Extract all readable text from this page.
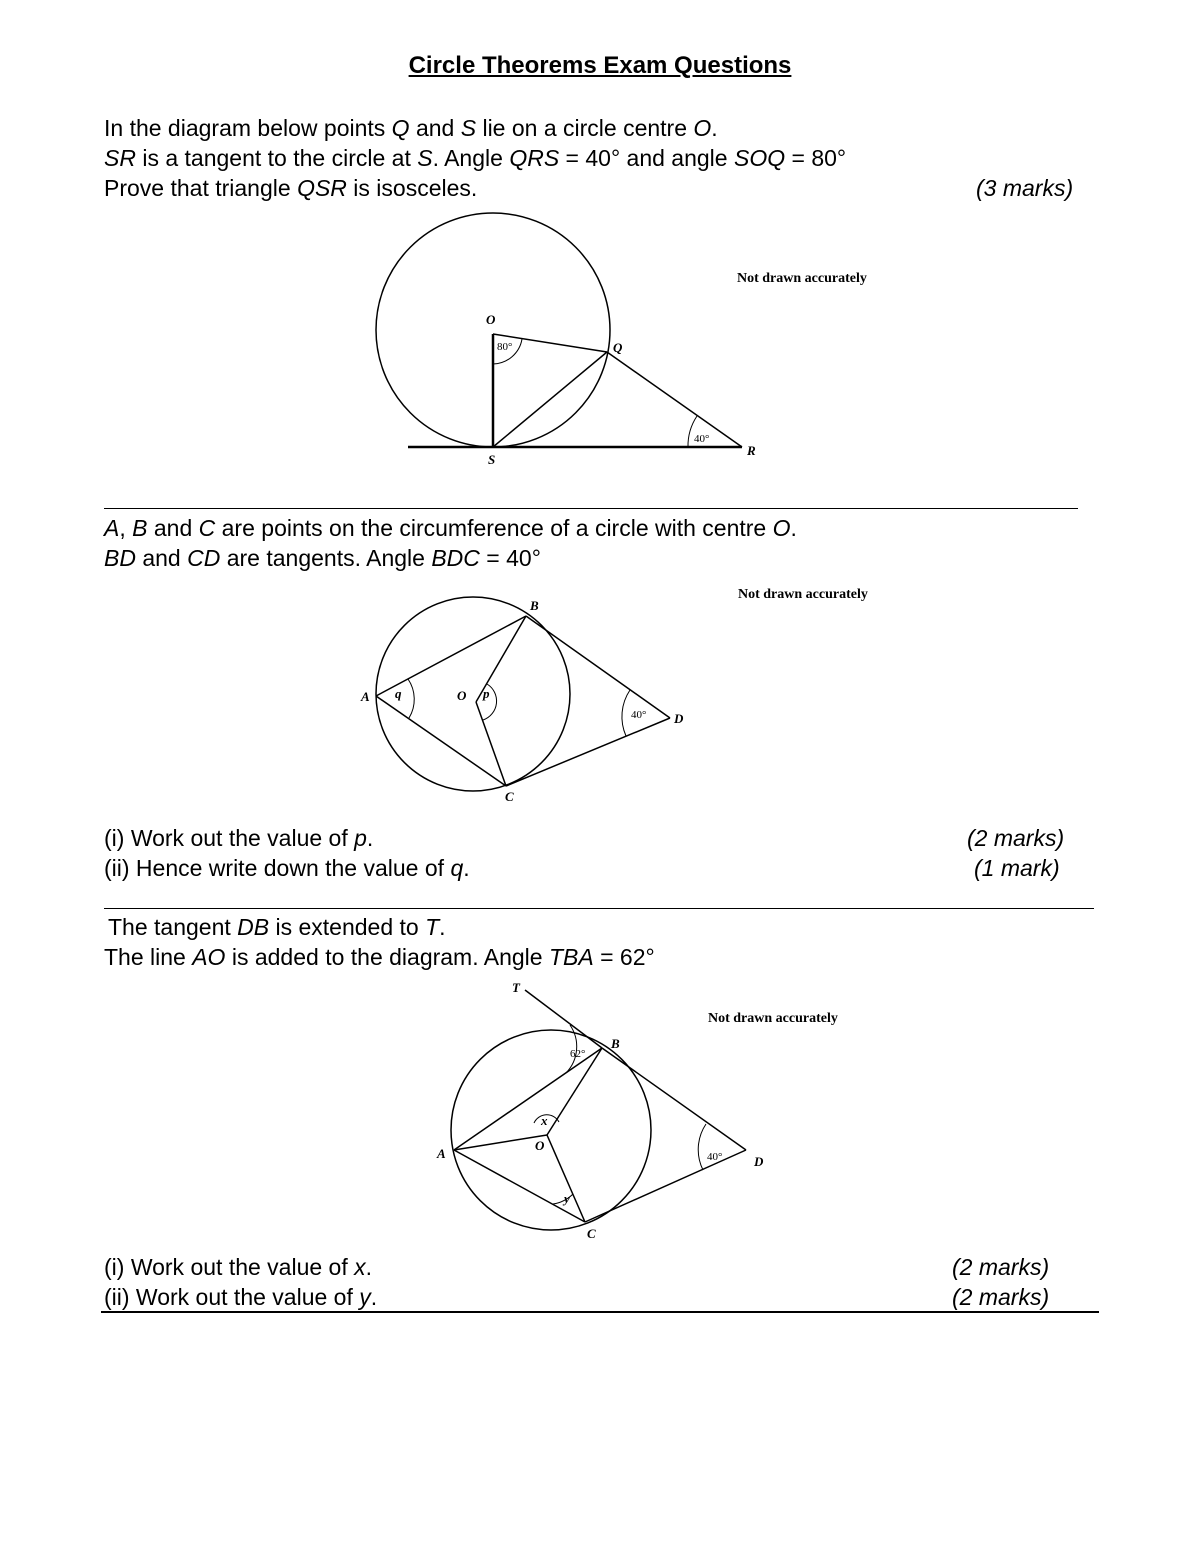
Circle Theorems Exam Questions
In the diagram below points Q and S lie on a circle centre O.
SR is a tangent to the circle at S. Angle QRS = 40° and angle SOQ = 80°
Prove that triangle QSR is isosceles.	(3 marks)
O
Q
S
R
80°
40°
Not drawn accurately
A, B and C are points on the circumference of a circle with centre O.
BD and CD are tangents. Angle BDC = 40°
B
A	O
C
D
q	p
40°
Not drawn accurately
(i) Work out the value of p.	(2 marks)
(ii) Hence write down the value of q.	(1 mark)
The tangent DB is extended to T.
The line AO is added to the diagram. Angle TBA = 62°
T
B
A
O
C
D
62°
x
y
40°
Not drawn accurately
(i) Work out the value of x.	(2 marks)
(ii) Work out the value of y.	(2 marks)
